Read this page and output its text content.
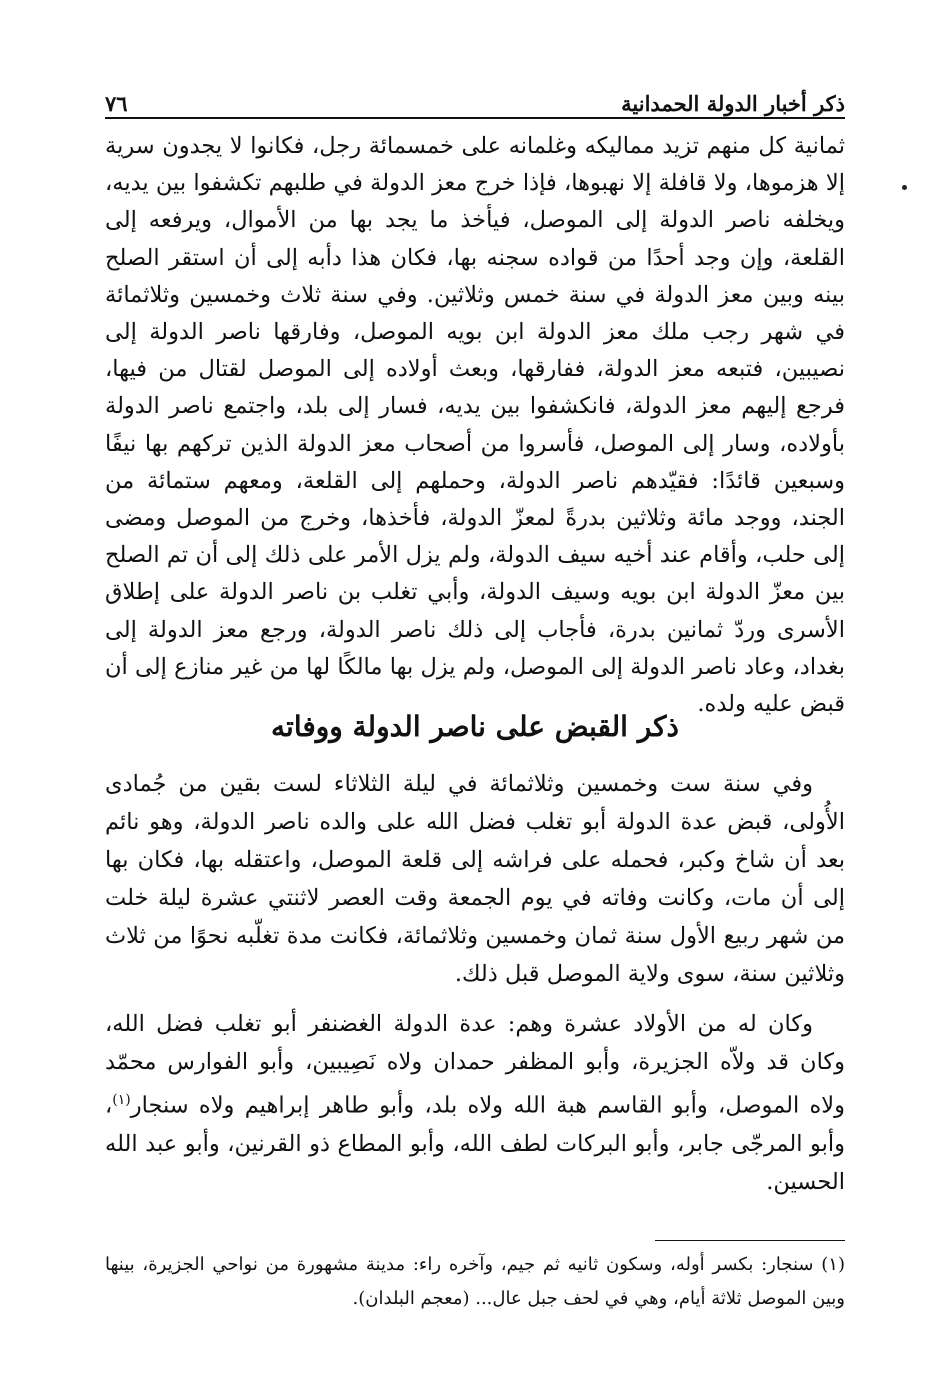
ذكر أخبار الدولة الحمدانية
٧٦

ثمانية كل منهم تزيد مماليكه وغلمانه على خمسمائة رجل، فكانوا لا يجدون سرية إلا هزموها، ولا قافلة إلا نهبوها، فإذا خرج معز الدولة في طلبهم تكشفوا بين يديه، ويخلفه ناصر الدولة إلى الموصل، فيأخذ ما يجد بها من الأموال، ويرفعه إلى القلعة، وإن وجد أحدًا من قواده سجنه بها، فكان هذا دأبه إلى أن استقر الصلح بينه وبين معز الدولة في سنة خمس وثلاثين. وفي سنة ثلاث وخمسين وثلاثمائة في شهر رجب ملك معز الدولة ابن بويه الموصل، وفارقها ناصر الدولة إلى نصيبين، فتبعه معز الدولة، ففارقها، وبعث أولاده إلى الموصل لقتال من فيها، فرجع إليهم معز الدولة، فانكشفوا بين يديه، فسار إلى بلد، واجتمع ناصر الدولة بأولاده، وسار إلى الموصل، فأسروا من أصحاب معز الدولة الذين تركهم بها نيفًا وسبعين قائدًا: فقيّدهم ناصر الدولة، وحملهم إلى القلعة، ومعهم ستمائة من الجند، ووجد مائة وثلاثين بدرةً لمعزّ الدولة، فأخذها، وخرج من الموصل ومضى إلى حلب، وأقام عند أخيه سيف الدولة، ولم يزل الأمر على ذلك إلى أن تم الصلح بين معزّ الدولة ابن بويه وسيف الدولة، وأبي تغلب بن ناصر الدولة على إطلاق الأسرى وردّ ثمانين بدرة، فأجاب إلى ذلك ناصر الدولة، ورجع معز الدولة إلى بغداد، وعاد ناصر الدولة إلى الموصل، ولم يزل بها مالكًا لها من غير منازع إلى أن قبض عليه ولده.

ذكر القبض على ناصر الدولة ووفاته

وفي سنة ست وخمسين وثلاثمائة في ليلة الثلاثاء لست بقين من جُمادى الأُولى، قبض عدة الدولة أبو تغلب فضل الله على والده ناصر الدولة، وهو نائم بعد أن شاخ وكبر، فحمله على فراشه إلى قلعة الموصل، واعتقله بها، فكان بها إلى أن مات، وكانت وفاته في يوم الجمعة وقت العصر لاثنتي عشرة ليلة خلت من شهر ربيع الأول سنة ثمان وخمسين وثلاثمائة، فكانت مدة تغلّبه نحوًا من ثلاث وثلاثين سنة، سوى ولاية الموصل قبل ذلك.

وكان له من الأولاد عشرة وهم: عدة الدولة الغضنفر أبو تغلب فضل الله، وكان قد ولاّه الجزيرة، وأبو المظفر حمدان ولاه نَصِيبين، وأبو الفوارس محمّد ولاه الموصل، وأبو القاسم هبة الله ولاه بلد، وأبو طاهر إبراهيم ولاه سنجار$^{(١)}$، وأبو المرجّى جابر، وأبو البركات لطف الله، وأبو المطاع ذو القرنين، وأبو عبد الله الحسين.

(١) سنجار: بكسر أوله، وسكون ثانيه ثم جيم، وآخره راء: مدينة مشهورة من نواحي الجزيرة، بينها وبين الموصل ثلاثة أيام، وهي في لحف جبل عال... (معجم البلدان).
